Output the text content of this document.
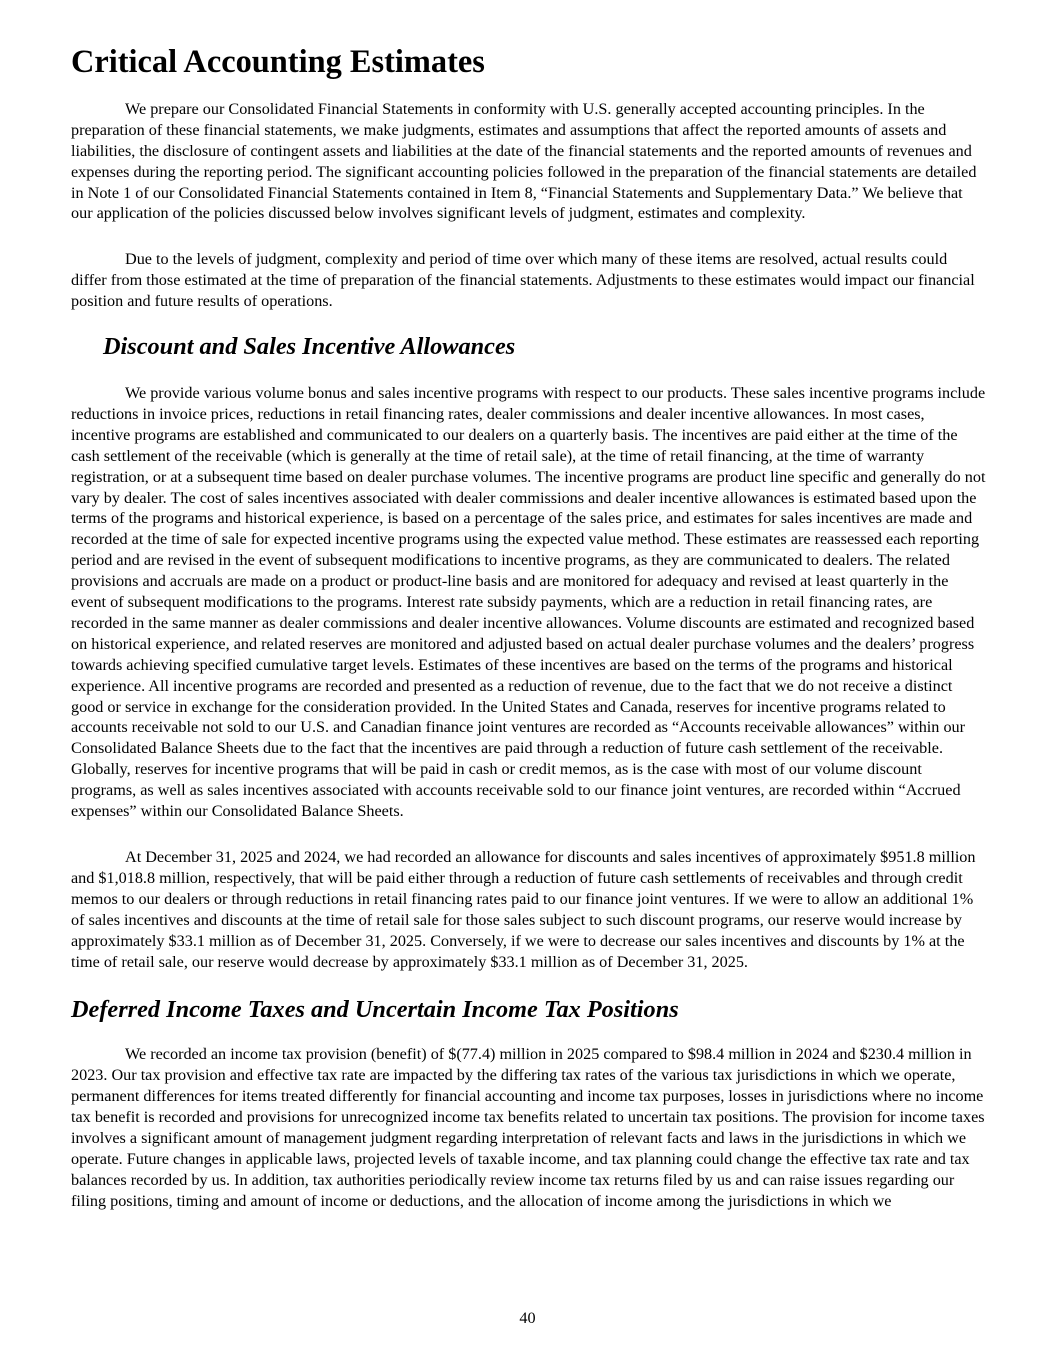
Critical Accounting Estimates

We prepare our Consolidated Financial Statements in conformity with U.S. generally accepted accounting principles. In the preparation of these financial statements, we make judgments, estimates and assumptions that affect the reported amounts of assets and liabilities, the disclosure of contingent assets and liabilities at the date of the financial statements and the reported amounts of revenues and expenses during the reporting period. The significant accounting policies followed in the preparation of the financial statements are detailed in Note 1 of our Consolidated Financial Statements contained in Item 8, “Financial Statements and Supplementary Data.” We believe that our application of the policies discussed below involves significant levels of judgment, estimates and complexity.

Due to the levels of judgment, complexity and period of time over which many of these items are resolved, actual results could differ from those estimated at the time of preparation of the financial statements. Adjustments to these estimates would impact our financial position and future results of operations.

Discount and Sales Incentive Allowances

We provide various volume bonus and sales incentive programs with respect to our products. These sales incentive programs include reductions in invoice prices, reductions in retail financing rates, dealer commissions and dealer incentive allowances. In most cases, incentive programs are established and communicated to our dealers on a quarterly basis. The incentives are paid either at the time of the cash settlement of the receivable (which is generally at the time of retail sale), at the time of retail financing, at the time of warranty registration, or at a subsequent time based on dealer purchase volumes. The incentive programs are product line specific and generally do not vary by dealer. The cost of sales incentives associated with dealer commissions and dealer incentive allowances is estimated based upon the terms of the programs and historical experience, is based on a percentage of the sales price, and estimates for sales incentives are made and recorded at the time of sale for expected incentive programs using the expected value method. These estimates are reassessed each reporting period and are revised in the event of subsequent modifications to incentive programs, as they are communicated to dealers. The related provisions and accruals are made on a product or product-line basis and are monitored for adequacy and revised at least quarterly in the event of subsequent modifications to the programs. Interest rate subsidy payments, which are a reduction in retail financing rates, are recorded in the same manner as dealer commissions and dealer incentive allowances. Volume discounts are estimated and recognized based on historical experience, and related reserves are monitored and adjusted based on actual dealer purchase volumes and the dealers’ progress towards achieving specified cumulative target levels. Estimates of these incentives are based on the terms of the programs and historical experience. All incentive programs are recorded and presented as a reduction of revenue, due to the fact that we do not receive a distinct good or service in exchange for the consideration provided. In the United States and Canada, reserves for incentive programs related to accounts receivable not sold to our U.S. and Canadian finance joint ventures are recorded as “Accounts receivable allowances” within our Consolidated Balance Sheets due to the fact that the incentives are paid through a reduction of future cash settlement of the receivable. Globally, reserves for incentive programs that will be paid in cash or credit memos, as is the case with most of our volume discount programs, as well as sales incentives associated with accounts receivable sold to our finance joint ventures, are recorded within “Accrued expenses” within our Consolidated Balance Sheets.

At December 31, 2025 and 2024, we had recorded an allowance for discounts and sales incentives of approximately $951.8 million and $1,018.8 million, respectively, that will be paid either through a reduction of future cash settlements of receivables and through credit memos to our dealers or through reductions in retail financing rates paid to our finance joint ventures. If we were to allow an additional 1% of sales incentives and discounts at the time of retail sale for those sales subject to such discount programs, our reserve would increase by approximately $33.1 million as of December 31, 2025. Conversely, if we were to decrease our sales incentives and discounts by 1% at the time of retail sale, our reserve would decrease by approximately $33.1 million as of December 31, 2025.

Deferred Income Taxes and Uncertain Income Tax Positions

We recorded an income tax provision (benefit) of $(77.4) million in 2025 compared to $98.4 million in 2024 and $230.4 million in 2023. Our tax provision and effective tax rate are impacted by the differing tax rates of the various tax jurisdictions in which we operate, permanent differences for items treated differently for financial accounting and income tax purposes, losses in jurisdictions where no income tax benefit is recorded and provisions for unrecognized income tax benefits related to uncertain tax positions. The provision for income taxes involves a significant amount of management judgment regarding interpretation of relevant facts and laws in the jurisdictions in which we operate. Future changes in applicable laws, projected levels of taxable income, and tax planning could change the effective tax rate and tax balances recorded by us. In addition, tax authorities periodically review income tax returns filed by us and can raise issues regarding our filing positions, timing and amount of income or deductions, and the allocation of income among the jurisdictions in which we

40
